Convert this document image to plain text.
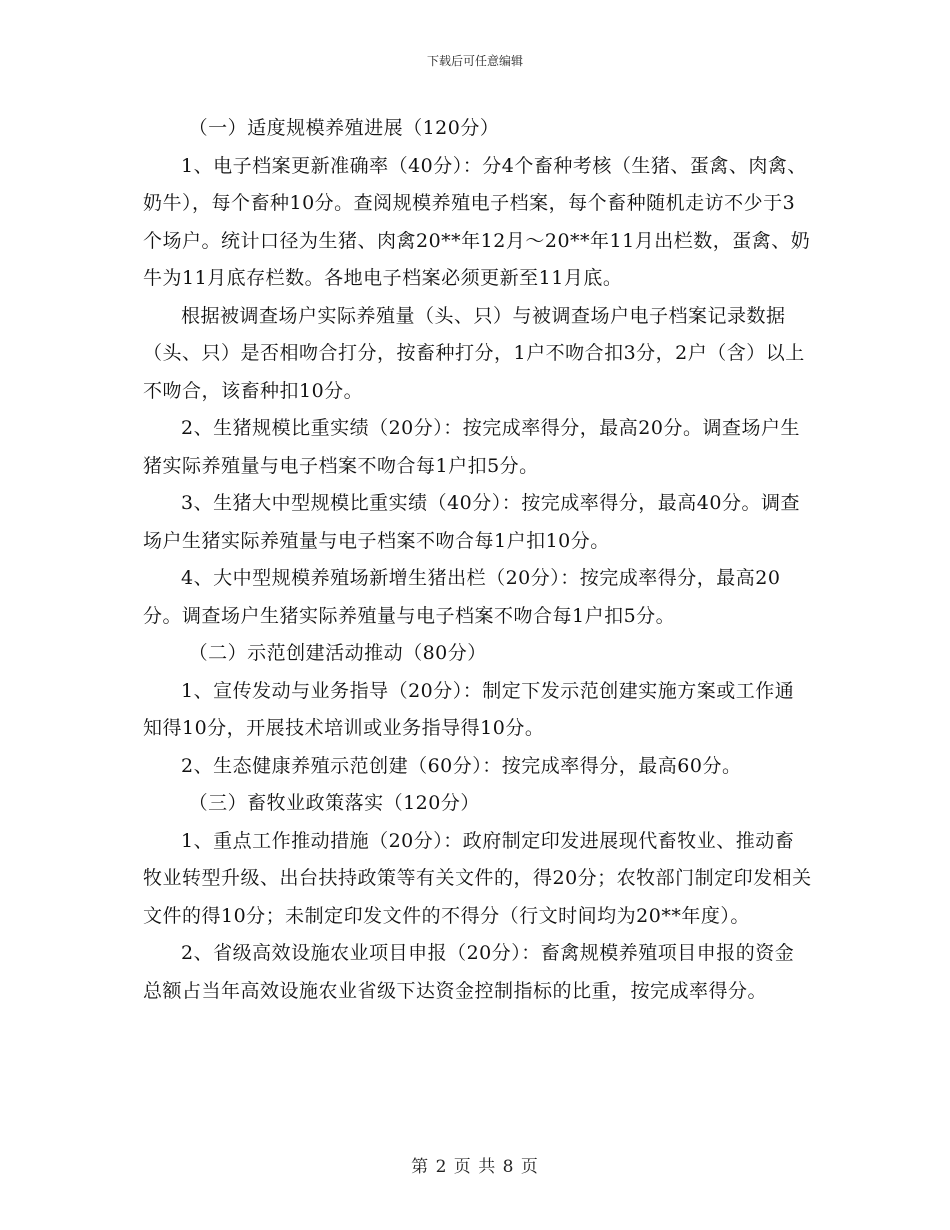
下载后可任意编辑

（一）适度规模养殖进展（120分）

1、电子档案更新准确率（40分）：分4个畜种考核（生猪、蛋禽、肉禽、奶牛），每个畜种10分。查阅规模养殖电子档案，每个畜种随机走访不少于3个场户。统计口径为生猪、肉禽20**年12月～20**年11月出栏数，蛋禽、奶牛为11月底存栏数。各地电子档案必须更新至11月底。

根据被调查场户实际养殖量（头、只）与被调查场户电子档案记录数据（头、只）是否相吻合打分，按畜种打分，1户不吻合扣3分，2户（含）以上不吻合，该畜种扣10分。

2、生猪规模比重实绩（20分）：按完成率得分，最高20分。调查场户生猪实际养殖量与电子档案不吻合每1户扣5分。

3、生猪大中型规模比重实绩（40分）：按完成率得分，最高40分。调查场户生猪实际养殖量与电子档案不吻合每1户扣10分。

4、大中型规模养殖场新增生猪出栏（20分）：按完成率得分，最高20分。调查场户生猪实际养殖量与电子档案不吻合每1户扣5分。

（二）示范创建活动推动（80分）

1、宣传发动与业务指导（20分）：制定下发示范创建实施方案或工作通知得10分，开展技术培训或业务指导得10分。

2、生态健康养殖示范创建（60分）：按完成率得分，最高60分。

（三）畜牧业政策落实（120分）

1、重点工作推动措施（20分）：政府制定印发进展现代畜牧业、推动畜牧业转型升级、出台扶持政策等有关文件的，得20分；农牧部门制定印发相关文件的得10分；未制定印发文件的不得分（行文时间均为20**年度）。

2、省级高效设施农业项目申报（20分）：畜禽规模养殖项目申报的资金总额占当年高效设施农业省级下达资金控制指标的比重，按完成率得分。

第 2 页 共 8 页
